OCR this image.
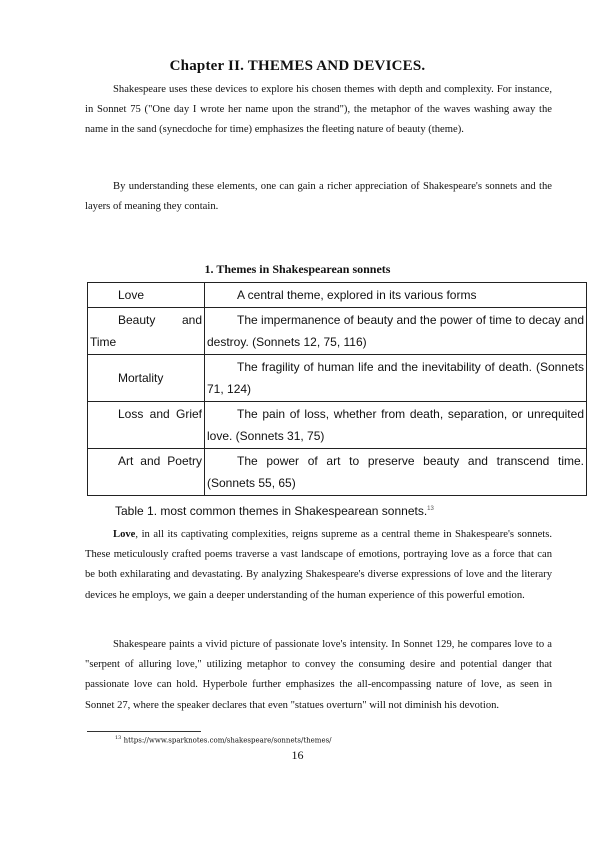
Chapter II. THEMES AND DEVICES.

Shakespeare uses these devices to explore his chosen themes with depth and complexity. For instance, in Sonnet 75 ("One day I wrote her name upon the strand"), the metaphor of the waves washing away the name in the sand (synecdoche for time) emphasizes the fleeting nature of beauty (theme).

By understanding these elements, one can gain a richer appreciation of Shakespeare's sonnets and the layers of meaning they contain.

1. Themes in Shakespearean sonnets
Love	A central theme, explored in its various forms
Beauty and Time	The impermanence of beauty and the power of time to decay and destroy. (Sonnets 12, 75, 116)
Mortality	The fragility of human life and the inevitability of death. (Sonnets 71, 124)
Loss and Grief	The pain of loss, whether from death, separation, or unrequited love. (Sonnets 31, 75)
Art and Poetry	The power of art to preserve beauty and transcend time. (Sonnets 55, 65)
Table 1. most common themes in Shakespearean sonnets.$^{13}$

Love, in all its captivating complexities, reigns supreme as a central theme in Shakespeare's sonnets. These meticulously crafted poems traverse a vast landscape of emotions, portraying love as a force that can be both exhilarating and devastating. By analyzing Shakespeare's diverse expressions of love and the literary devices he employs, we gain a deeper understanding of the human experience of this powerful emotion.

Shakespeare paints a vivid picture of passionate love's intensity. In Sonnet 129, he compares love to a "serpent of alluring love," utilizing metaphor to convey the consuming desire and potential danger that passionate love can hold. Hyperbole further emphasizes the all-encompassing nature of love, as seen in Sonnet 27, where the speaker declares that even "statues overturn" will not diminish his devotion.

$^{13}$ https://www.sparknotes.com/shakespeare/sonnets/themes/
16
